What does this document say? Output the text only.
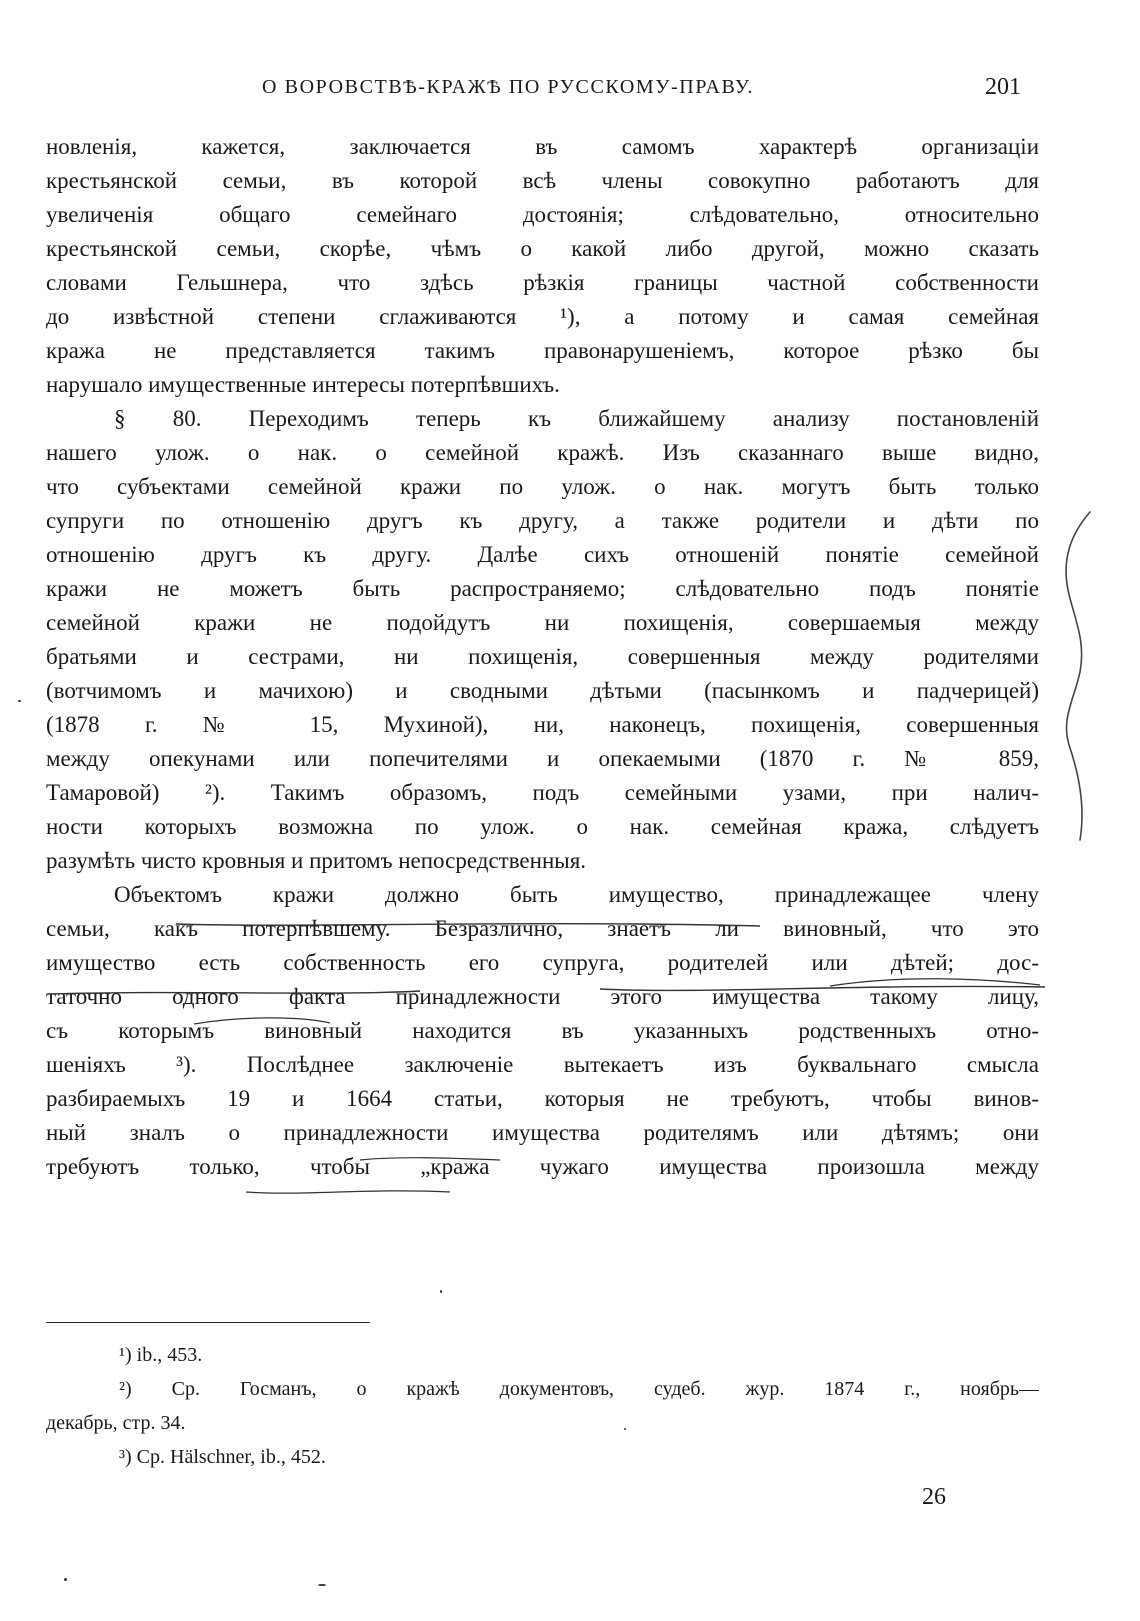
О ВОРОВСТВѢ-КРАЖѢ ПО РУССКОМУ-ПРАВУ.	201
новленія, кажется, заключается въ самомъ характерѣ организаціи
крестьянской семьи, въ которой всѣ члены совокупно работаютъ для
увеличенія общаго семейнаго достоянія; слѣдовательно, относительно
крестьянской семьи, скорѣе, чѣмъ о какой либо другой, можно сказать
словами Гельшнера, что здѣсь рѣзкія границы частной собственности
до извѣстной степени сглаживаются ¹), а потому и самая семейная
кража не представляется такимъ правонарушеніемъ, которое рѣзко бы
нарушало имущественные интересы потерпѣвшихъ.
§ 80. Переходимъ теперь къ ближайшему анализу постановленій
нашего улож. о нак. о семейной кражѣ. Изъ сказаннаго выше видно,
что субъектами семейной кражи по улож. о нак. могутъ быть только
супруги по отношенію другъ къ другу, а также родители и дѣти по
отношенію другъ къ другу. Далѣе сихъ отношеній понятіе семейной
кражи не можетъ быть распространяемо; слѣдовательно подъ понятіе
семейной кражи не подойдутъ ни похищенія, совершаемыя между
братьями и сестрами, ни похищенія, совершенныя между родителями
(вотчимомъ и мачихою) и сводными дѣтьми (пасынкомъ и падчерицей)
(1878 г. № 15, Мухиной), ни, наконецъ, похищенія, совершенныя
между опекунами или попечителями и опекаемыми (1870 г. № 859,
Тамаровой) ²). Такимъ образомъ, подъ семейными узами, при налич-
ности которыхъ возможна по улож. о нак. семейная кража, слѣдуетъ
разумѣть чисто кровныя и притомъ непосредственныя.
Объектомъ кражи должно быть имущество, принадлежащее члену
семьи, какъ потерпѣвшему. Безразлично, знаетъ ли виновный, что это
имущество есть собственность его супруга, родителей или дѣтей; дос-
таточно одного факта принадлежности этого имущества такому лицу,
съ которымъ виновный находится въ указанныхъ родственныхъ отно-
шеніяхъ ³). Послѣднее заключеніе вытекаетъ изъ буквальнаго смысла
разбираемыхъ 19 и 1664 статьи, которыя не требуютъ, чтобы винов-
ный зналъ о принадлежности имущества родителямъ или дѣтямъ; они
требуютъ только, чтобы „кража чужаго имущества произошла между
¹) ib., 453.
²) Ср. Госманъ, о кражѣ документовъ, судеб. жур. 1874 г., ноябрь—
декабрь, стр. 34.
³) Ср. Hälschner, ib., 452.
26
